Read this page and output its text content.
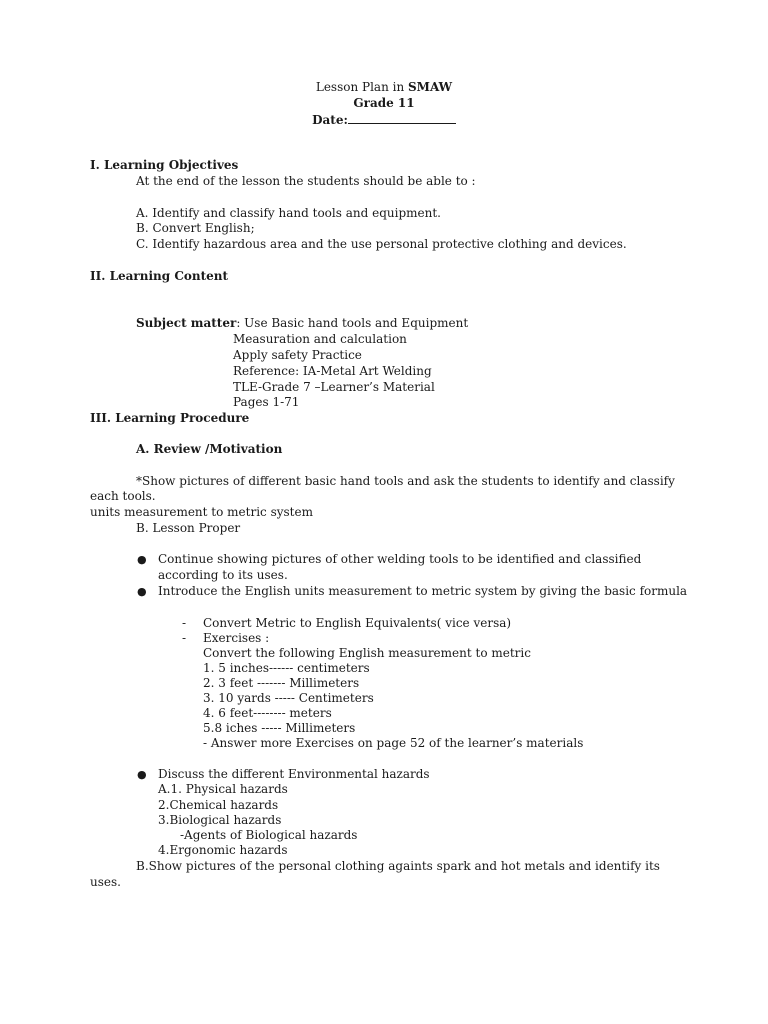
Lesson Plan in SMAW
Grade 11
Date:
I. Learning Objectives
At the end of the lesson the students should be able to :
A. Identify and classify hand tools and equipment.
B. Convert English;
C. Identify hazardous area and the use personal protective clothing and devices.
II. Learning Content
Subject matter: Use Basic hand tools and Equipment
Measuration and calculation
Apply safety Practice
Reference: IA-Metal Art Welding
TLE-Grade 7 –Learner’s Material
Pages 1-71
III. Learning Procedure
A. Review /Motivation
*Show pictures of different basic hand tools and ask the students to identify and classify
each tools.
units measurement to metric system
B. Lesson Proper
● Continue showing pictures of other welding tools to be identified and classified
according to its uses.
● Introduce the English units measurement to metric system by giving the basic formula
- Convert Metric to English Equivalents( vice versa)
- Exercises :
Convert the following English measurement to metric
1. 5 inches------ centimeters
2. 3 feet ------- Millimeters
3. 10 yards ----- Centimeters
4. 6 feet-------- meters
5.8 iches ----- Millimeters
- Answer more Exercises on page 52 of the learner’s materials
● Discuss the different Environmental hazards
A.1. Physical hazards
2.Chemical hazards
3.Biological hazards
-Agents of Biological hazards
4.Ergonomic hazards
B.Show pictures of the personal clothing againts spark and hot metals and identify its
uses.
